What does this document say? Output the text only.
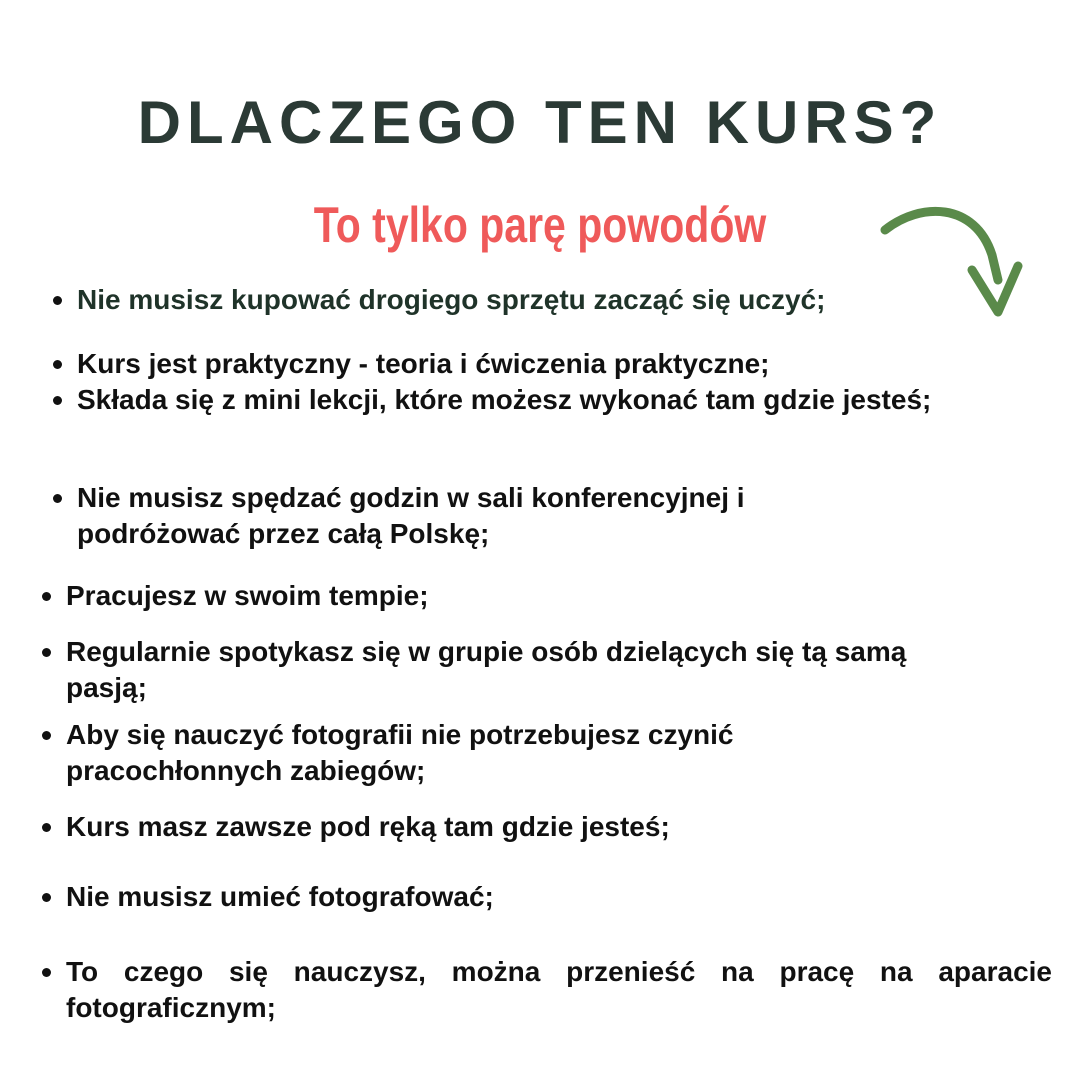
DLACZEGO TEN KURS?
To tylko parę powodów
Nie musisz kupować drogiego sprzętu zacząć się uczyć;
Kurs jest praktyczny - teoria i ćwiczenia praktyczne;
Składa się z mini lekcji, które możesz wykonać tam gdzie jesteś;
Nie musisz spędzać godzin w sali konferencyjnej i podróżować przez całą Polskę;
Pracujesz w swoim tempie;
Regularnie spotykasz się w grupie osób dzielących się tą samą pasją;
Aby się nauczyć fotografii nie potrzebujesz czynić pracochłonnych zabiegów;
Kurs masz zawsze pod ręką tam gdzie jesteś;
Nie musisz umieć fotografować;
To czego się nauczysz, można przenieść na pracę na aparacie fotograficznym;
